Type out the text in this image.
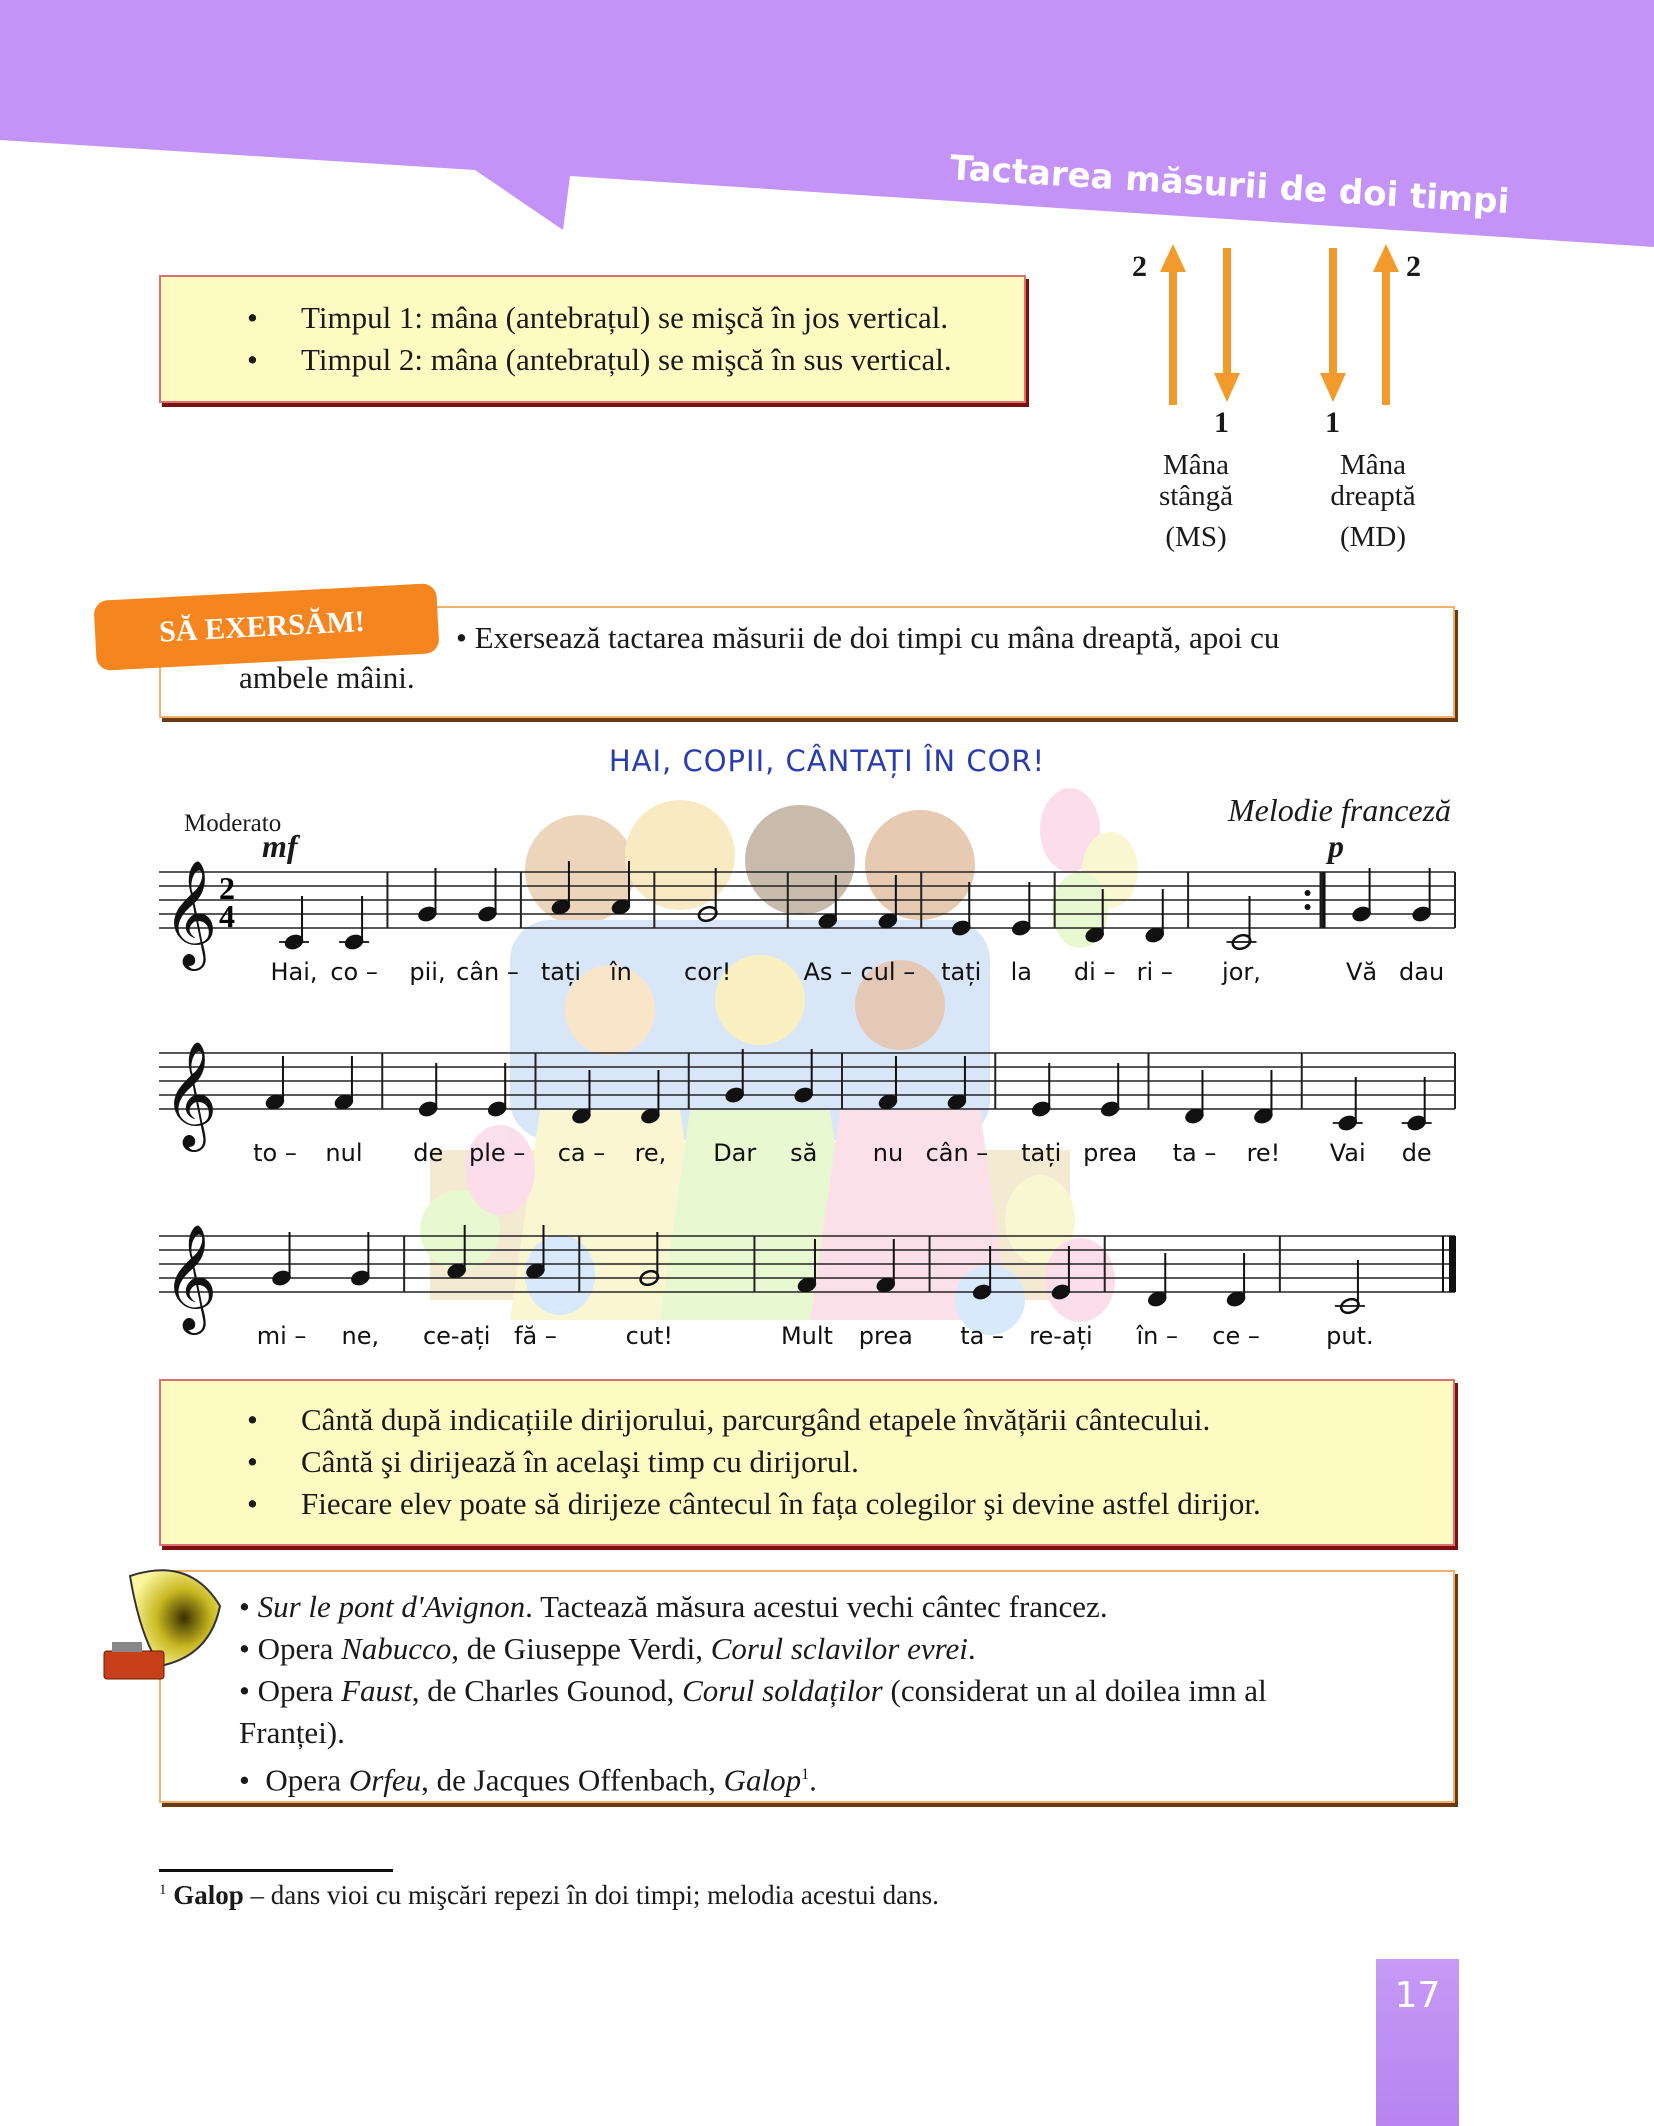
Tactarea măsurii de doi timpi
• Timpul 1: mâna (antebrațul) se mişcă în jos vertical.
• Timpul 2: mâna (antebrațul) se mişcă în sus vertical.
2
1	1
2
Mâna
stângă
(MS)
Mâna
dreaptă
(MD)
• Exersează tactarea măsurii de doi timpi cu mâna dreaptă, apoi cu
ambele mâini.
SĂ EXERSĂM!
HAI, COPII, CÂNTAȚI ÎN COR!
Moderato	Melodie franceză
mf	p
𝄞 2
4
Hai, co – pii, cân – tați în cor!	As – cul – tați la di – ri – jor,	Vă dau
𝄞
to – nul de ple – ca – re, Dar să nu cân – tați prea ta – re! Vai de
𝄞
mi – ne, ce-ați fă –	cut!	Mult prea ta – re-ați în – ce –	put.
• Cântă după indicațiile dirijorului, parcurgând etapele învățării cântecului.
• Cântă şi dirijează în acelaşi timp cu dirijorul.
• Fiecare elev poate să dirijeze cântecul în fața colegilor şi devine astfel dirijor.
• Sur le pont d'Avignon. Tactează măsura acestui vechi cântec francez.
• Opera Nabucco, de Giuseppe Verdi, Corul sclavilor evrei.
• Opera Faust, de Charles Gounod, Corul soldaților (considerat un al doilea imn al
Franței).
•  Opera Orfeu, de Jacques Offenbach, Galop$^1$.
$^1$ Galop – dans vioi cu mişcări repezi în doi timpi; melodia acestui dans.
17
